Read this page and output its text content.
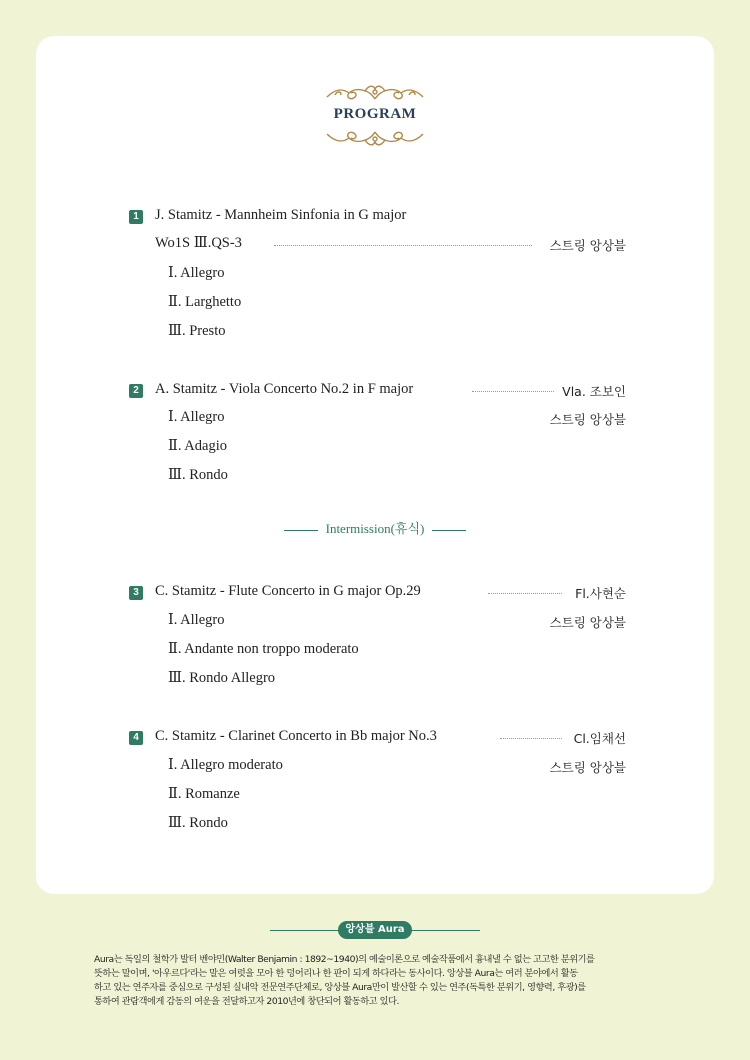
PROGRAM
1 J. Stamitz - Mannheim Sinfonia in G major
Wo1S Ⅲ.QS-3	스트링 앙상블
Ⅰ. Allegro
Ⅱ. Larghetto
Ⅲ. Presto
2 A. Stamitz - Viola Concerto No.2 in F major	Vla. 조보인
Ⅰ. Allegro	스트링 앙상블
Ⅱ. Adagio
Ⅲ. Rondo
Intermission(휴식)
3 C. Stamitz - Flute Concerto in G major Op.29	Fl.사현순
Ⅰ. Allegro	스트링 앙상블
Ⅱ. Andante non troppo moderato
Ⅲ. Rondo Allegro
4 C. Stamitz - Clarinet Concerto in Bb major No.3	Cl.임채선
Ⅰ. Allegro moderato	스트링 앙상블
Ⅱ. Romanze
Ⅲ. Rondo
앙상블 Aura
Aura는 독일의 철학가 발터 벤야민(Walter Benjamin : 1892~1940)의 예술이론으로 예술작품에서 흉내낼 수 없는 고고한 분위기를
뜻하는 말이며, '아우르다'라는 말은 여럿을 모아 한 덩어리나 한 판이 되게 하다라는 동사이다. 앙상블 Aura는 여러 분야에서 활동
하고 있는 연주자를 중심으로 구성된 실내악 전문연주단체로, 앙상블 Aura만이 발산할 수 있는 연주(독특한 분위기, 영향력, 후광)를
통하여 관람객에게 감동의 여운을 전달하고자 2010년에 창단되어 활동하고 있다.
